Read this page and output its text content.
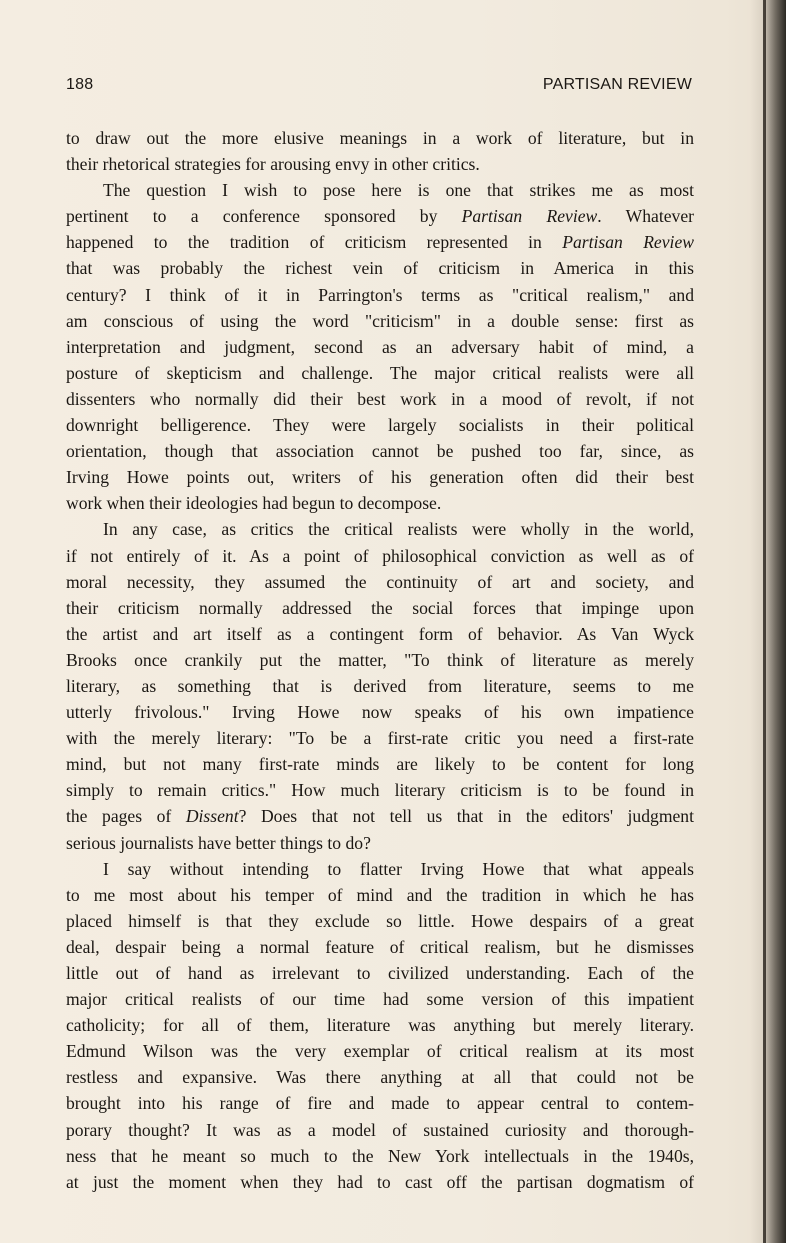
188	PARTISAN REVIEW
to draw out the more elusive meanings in a work of literature, but in
their rhetorical strategies for arousing envy in other critics.
The question I wish to pose here is one that strikes me as most
pertinent to a conference sponsored by Partisan Review. Whatever
happened to the tradition of criticism represented in Partisan Review
that was probably the richest vein of criticism in America in this
century? I think of it in Parrington's terms as "critical realism," and
am conscious of using the word "criticism" in a double sense: first as
interpretation and judgment, second as an adversary habit of mind, a
posture of skepticism and challenge. The major critical realists were all
dissenters who normally did their best work in a mood of revolt, if not
downright belligerence. They were largely socialists in their political
orientation, though that association cannot be pushed too far, since, as
Irving Howe points out, writers of his generation often did their best
work when their ideologies had begun to decompose.
In any case, as critics the critical realists were wholly in the world,
if not entirely of it. As a point of philosophical conviction as well as of
moral necessity, they assumed the continuity of art and society, and
their criticism normally addressed the social forces that impinge upon
the artist and art itself as a contingent form of behavior. As Van Wyck
Brooks once crankily put the matter, "To think of literature as merely
literary, as something that is derived from literature, seems to me
utterly frivolous." Irving Howe now speaks of his own impatience
with the merely literary: "To be a first-rate critic you need a first-rate
mind, but not many first-rate minds are likely to be content for long
simply to remain critics." How much literary criticism is to be found in
the pages of Dissent? Does that not tell us that in the editors' judgment
serious journalists have better things to do?
I say without intending to flatter Irving Howe that what appeals
to me most about his temper of mind and the tradition in which he has
placed himself is that they exclude so little. Howe despairs of a great
deal, despair being a normal feature of critical realism, but he dismisses
little out of hand as irrelevant to civilized understanding. Each of the
major critical realists of our time had some version of this impatient
catholicity; for all of them, literature was anything but merely literary.
Edmund Wilson was the very exemplar of critical realism at its most
restless and expansive. Was there anything at all that could not be
brought into his range of fire and made to appear central to contem-
porary thought? It was as a model of sustained curiosity and thorough-
ness that he meant so much to the New York intellectuals in the 1940s,
at just the moment when they had to cast off the partisan dogmatism of
